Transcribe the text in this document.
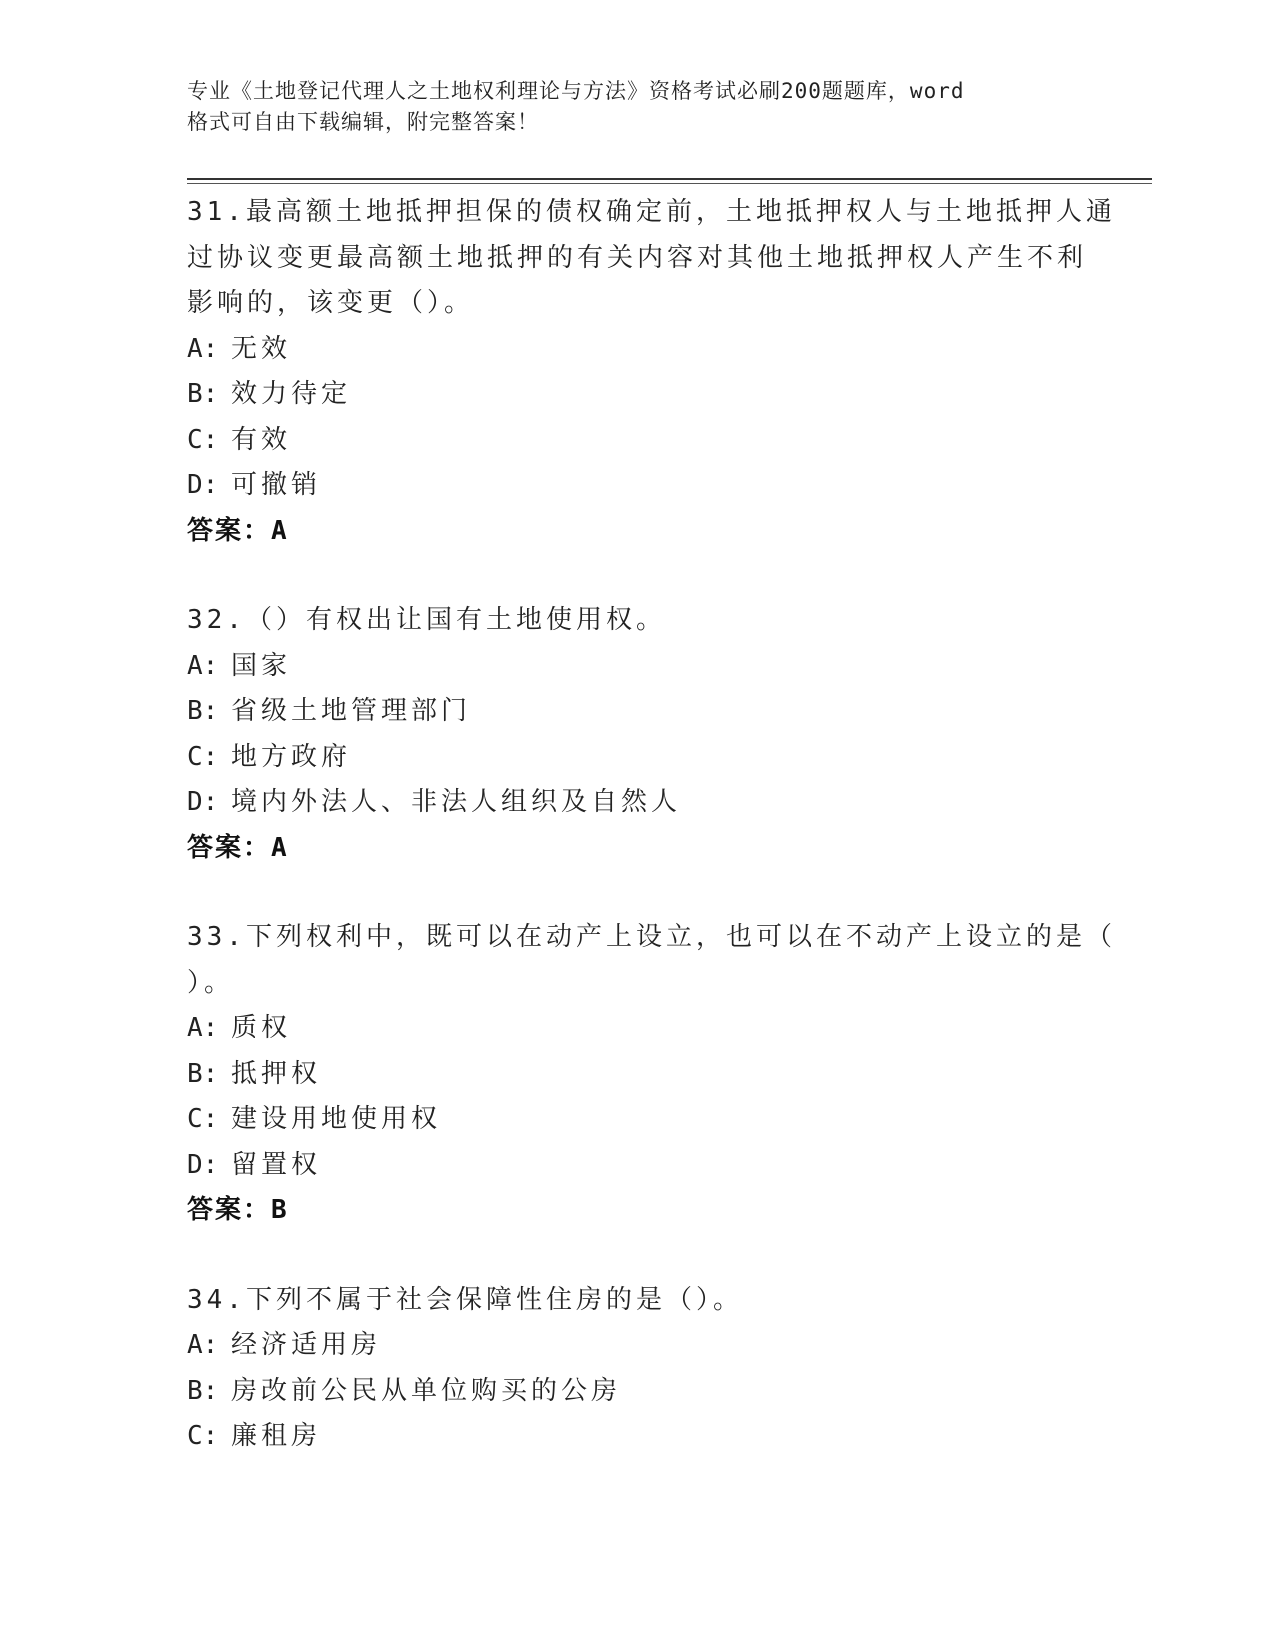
专业《土地登记代理人之土地权利理论与方法》资格考试必刷200题题库，word
格式可自由下载编辑，附完整答案！
31.最高额土地抵押担保的债权确定前，土地抵押权人与土地抵押人通
过协议变更最高额土地抵押的有关内容对其他土地抵押权人产生不利
影响的，该变更（）。
A: 无效
B: 效力待定
C: 有效
D: 可撤销
答案：A
32.（）有权出让国有土地使用权。
A: 国家
B: 省级土地管理部门
C: 地方政府
D: 境内外法人、非法人组织及自然人
答案：A
33.下列权利中，既可以在动产上设立，也可以在不动产上设立的是（
）。
A: 质权
B: 抵押权
C: 建设用地使用权
D: 留置权
答案：B
34.下列不属于社会保障性住房的是（）。
A: 经济适用房
B: 房改前公民从单位购买的公房
C: 廉租房
